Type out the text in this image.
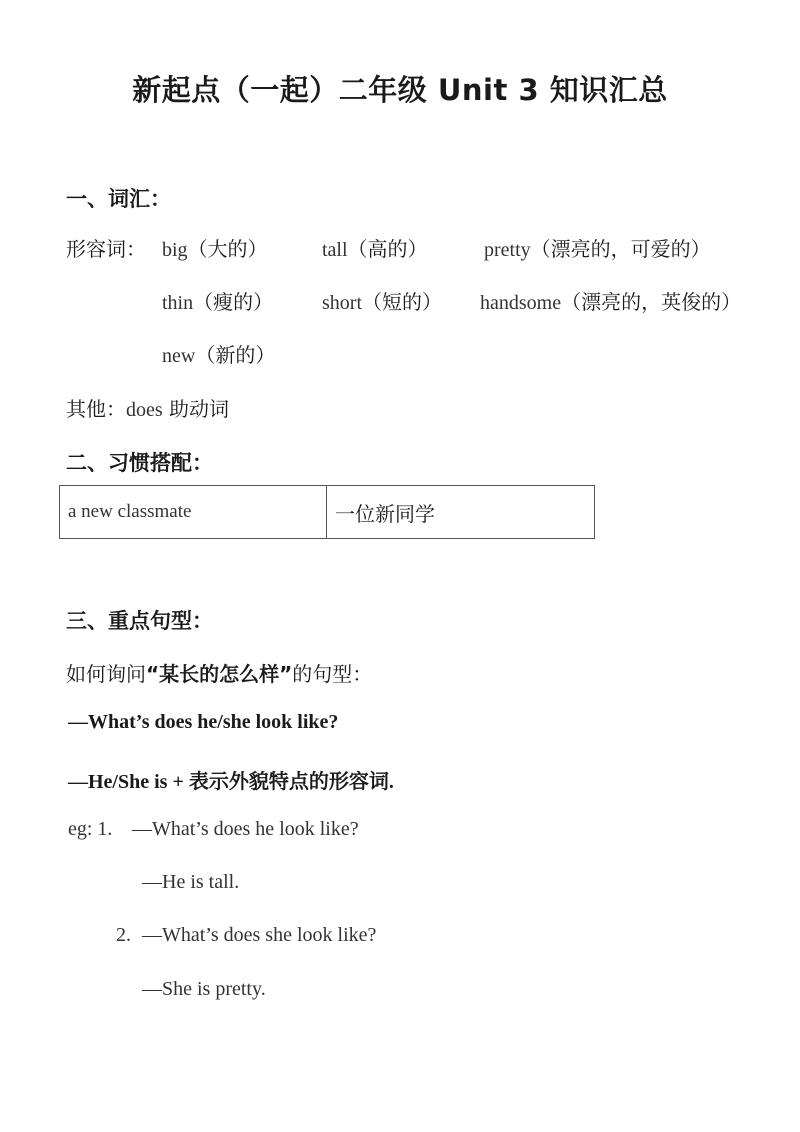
新起点（一起）二年级 Unit 3 知识汇总
一、词汇：
形容词： big（大的）	tall（高的）	pretty（漂亮的，可爱的）
thin（瘦的） short（短的） handsome（漂亮的，英俊的）
new（新的）
其他：does 助动词
二、习惯搭配：
a new classmate	一位新同学
三、重点句型：
如何询问“某长的怎么样”的句型：
—What’s does he/she look like?
—He/She is + 表示外貌特点的形容词.
eg: 1. —What’s does he look like?
—He is tall.
2. —What’s does she look like?
—She is pretty.
